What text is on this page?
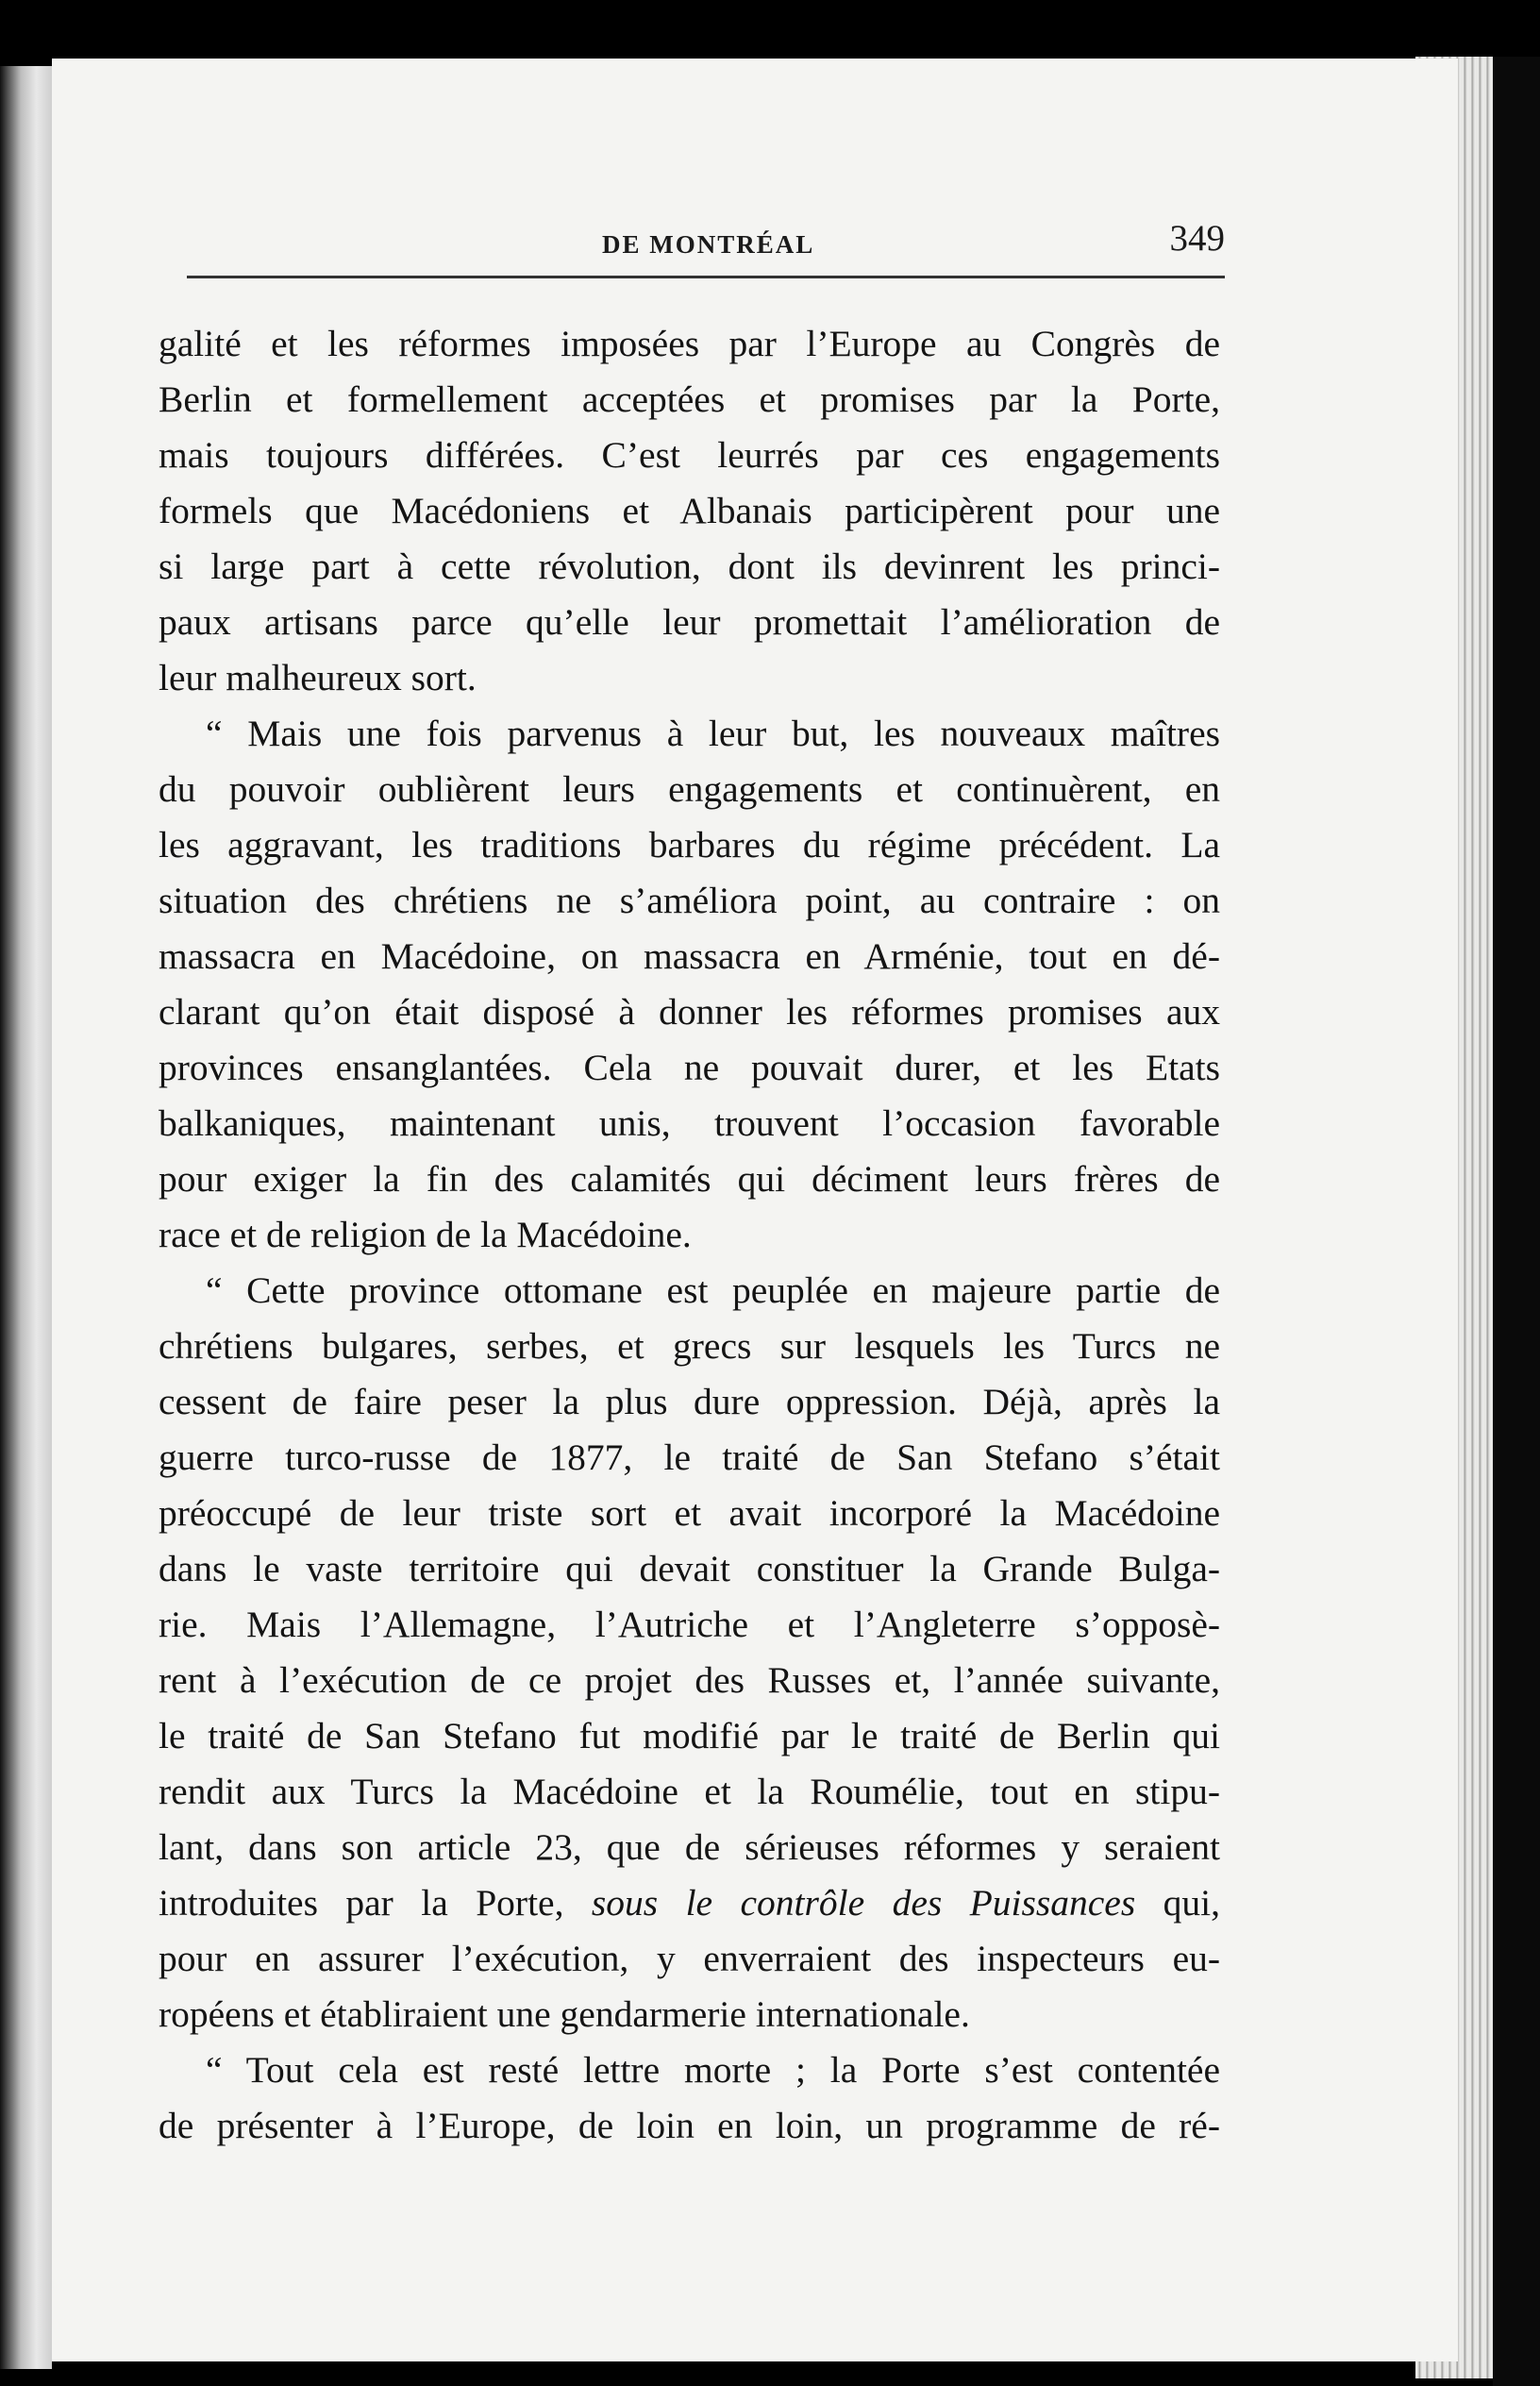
DE MONTRÉAL	349

galité et les réformes imposées par l’Europe au Congrès de
Berlin et formellement acceptées et promises par la Porte,
mais toujours différées. C’est leurrés par ces engagements
formels que Macédoniens et Albanais participèrent pour une
si large part à cette révolution, dont ils devinrent les princi-
paux artisans parce qu’elle leur promettait l’amélioration de
leur malheureux sort.

“ Mais une fois parvenus à leur but, les nouveaux maîtres
du pouvoir oublièrent leurs engagements et continuèrent, en
les aggravant, les traditions barbares du régime précédent. La
situation des chrétiens ne s’améliora point, au contraire : on
massacra en Macédoine, on massacra en Arménie, tout en dé-
clarant qu’on était disposé à donner les réformes promises aux
provinces ensanglantées. Cela ne pouvait durer, et les Etats
balkaniques, maintenant unis, trouvent l’occasion favorable
pour exiger la fin des calamités qui déciment leurs frères de
race et de religion de la Macédoine.

“ Cette province ottomane est peuplée en majeure partie de
chrétiens bulgares, serbes, et grecs sur lesquels les Turcs ne
cessent de faire peser la plus dure oppression. Déjà, après la
guerre turco-russe de 1877, le traité de San Stefano s’était
préoccupé de leur triste sort et avait incorporé la Macédoine
dans le vaste territoire qui devait constituer la Grande Bulga-
rie. Mais l’Allemagne, l’Autriche et l’Angleterre s’opposè-
rent à l’exécution de ce projet des Russes et, l’année suivante,
le traité de San Stefano fut modifié par le traité de Berlin qui
rendit aux Turcs la Macédoine et la Roumélie, tout en stipu-
lant, dans son article 23, que de sérieuses réformes y seraient
introduites par la Porte, sous le contrôle des Puissances qui,
pour en assurer l’exécution, y enverraient des inspecteurs eu-
ropéens et établiraient une gendarmerie internationale.

“ Tout cela est resté lettre morte ; la Porte s’est contentée
de présenter à l’Europe, de loin en loin, un programme de ré-
